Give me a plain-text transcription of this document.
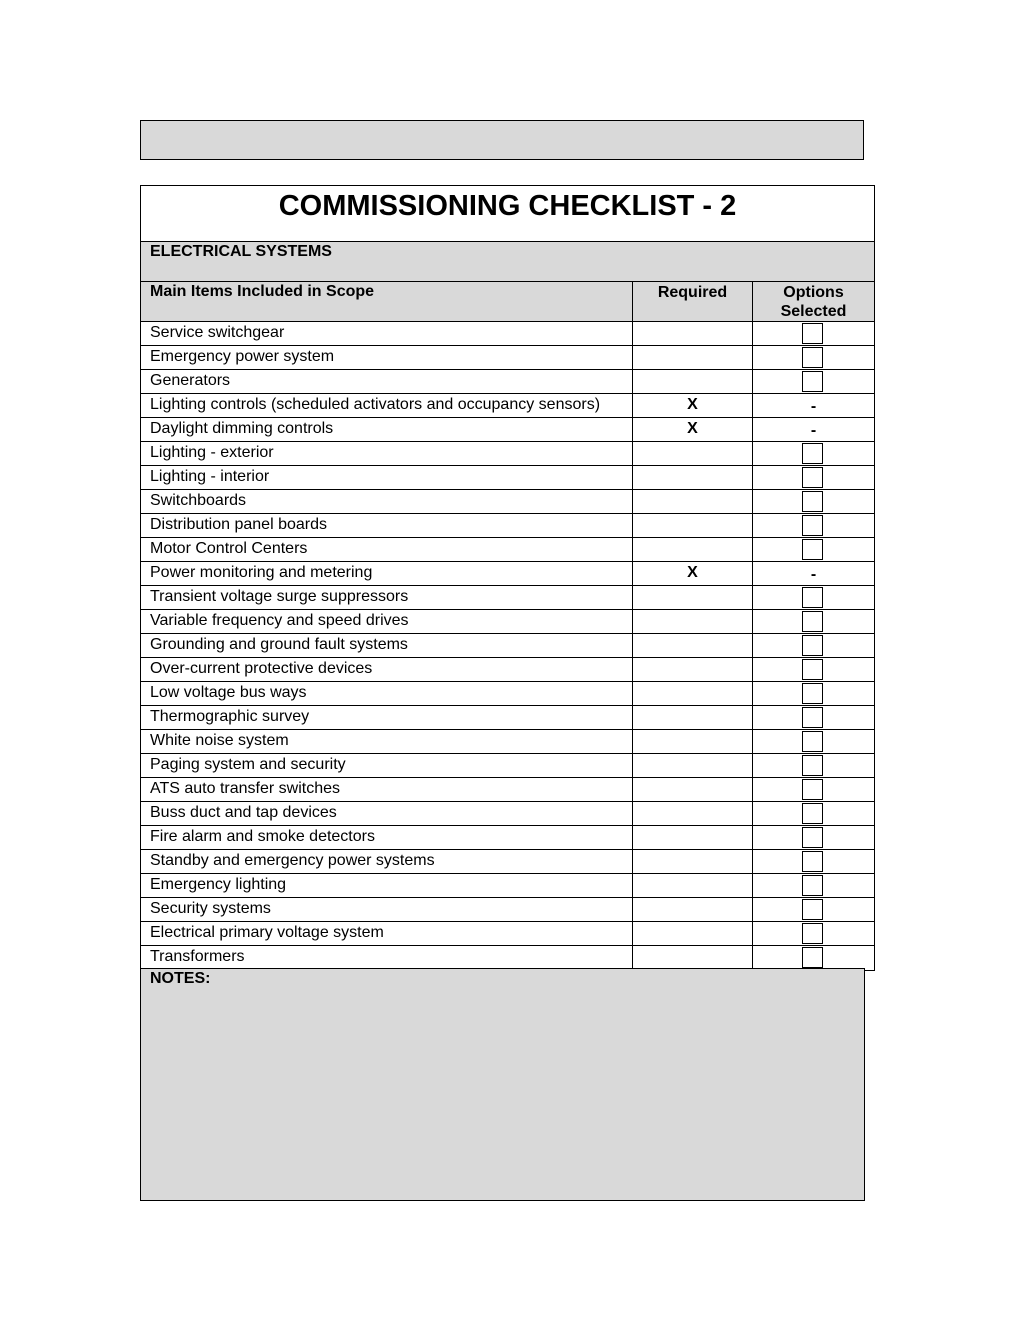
COMMISSIONING CHECKLIST - 2
ELECTRICAL SYSTEMS
Main Items Included in Scope	Required	Options
Selected
Service switchgear
Emergency power system
Generators
Lighting controls (scheduled activators and occupancy sensors)	X	-
Daylight dimming controls	X	-
Lighting - exterior
Lighting - interior
Switchboards
Distribution panel boards
Motor Control Centers
Power monitoring and metering	X	-
Transient voltage surge suppressors
Variable frequency and speed drives
Grounding and ground fault systems
Over-current protective devices
Low voltage bus ways
Thermographic survey
White noise system
Paging system and security
ATS auto transfer switches
Buss duct and tap devices
Fire alarm and smoke detectors
Standby and emergency power systems
Emergency lighting
Security systems
Electrical primary voltage system
Transformers
NOTES:
